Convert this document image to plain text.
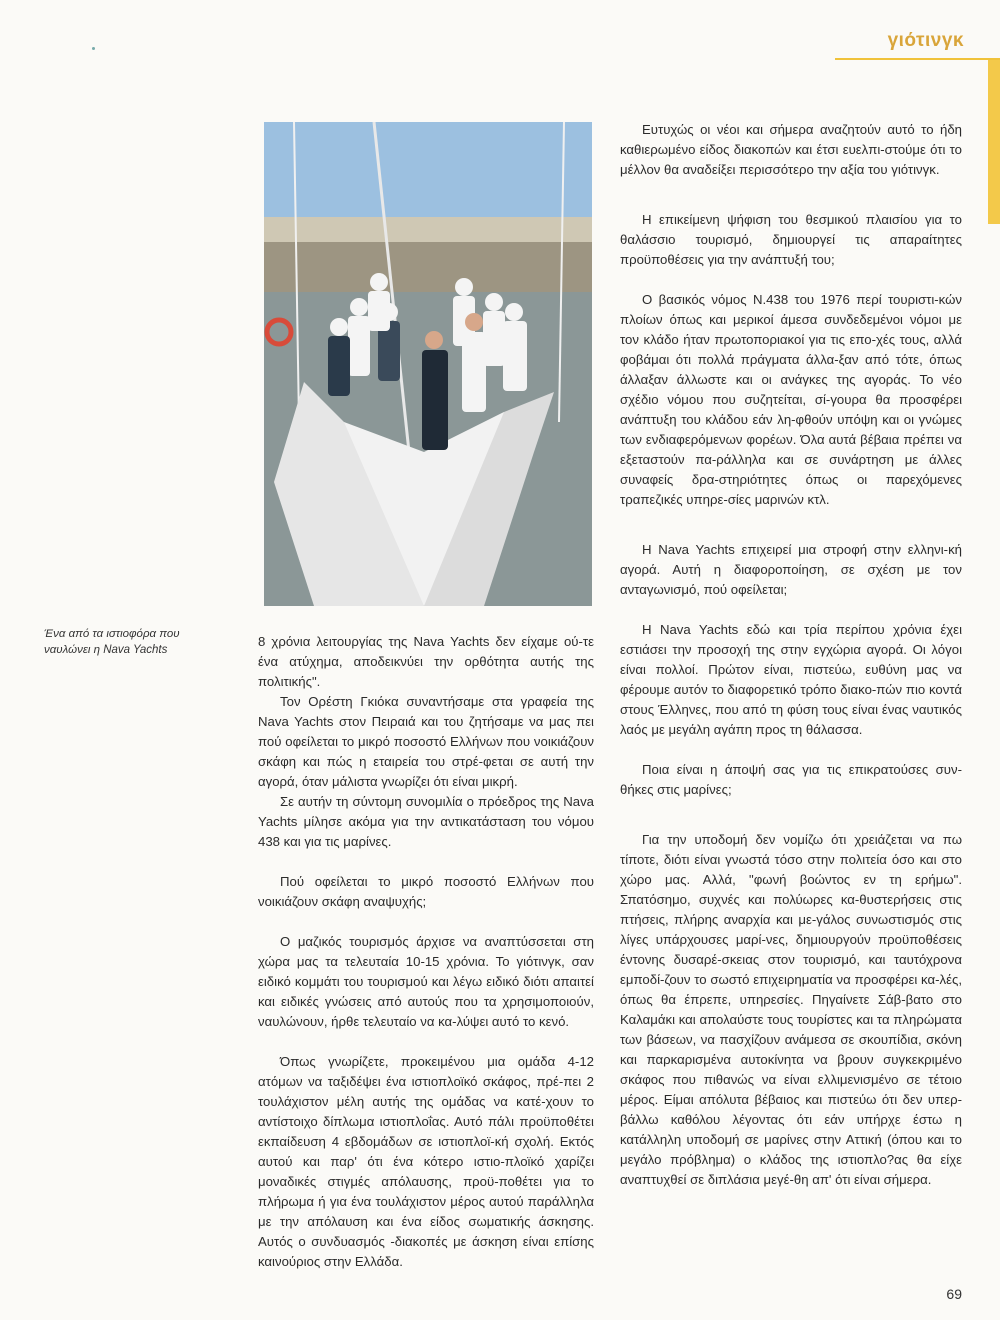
γιότινγκ
Ένα από τα ιστιοφόρα που ναυλώνει η Nava Yachts

8 χρόνια λειτουργίας της Nava Yachts δεν είχαμε ού-τε ένα ατύχημα, αποδεικνύει την ορθότητα αυτής της πολιτικής".

Τον Ορέστη Γκιόκα συναντήσαμε στα γραφεία της Nava Yachts στον Πειραιά και του ζητήσαμε να μας πει πού οφείλεται το μικρό ποσοστό Ελλήνων που νοικιάζουν σκάφη και πώς η εταιρεία του στρέ-φεται σε αυτή την αγορά, όταν μάλιστα γνωρίζει ότι είναι μικρή.

Σε αυτήν τη σύντομη συνομιλία ο πρόεδρος της Nava Yachts μίλησε ακόμα για την αντικατάσταση του νόμου 438 και για τις μαρίνες.

Πού οφείλεται το μικρό ποσοστό Ελλήνων που νοικιάζουν σκάφη αναψυχής;

Ο μαζικός τουρισμός άρχισε να αναπτύσσεται στη χώρα μας τα τελευταία 10-15 χρόνια. Το γιότινγκ, σαν ειδικό κομμάτι του τουρισμού και λέγω ειδικό διότι απαιτεί και ειδικές γνώσεις από αυτούς που τα χρησιμοποιούν, ναυλώνουν, ήρθε τελευταίο να κα-λύψει αυτό το κενό.

Όπως γνωρίζετε, προκειμένου μια ομάδα 4-12 ατόμων να ταξιδέψει ένα ιστιοπλοϊκό σκάφος, πρέ-πει 2 τουλάχιστον μέλη αυτής της ομάδας να κατέ-χουν το αντίστοιχο δίπλωμα ιστιοπλοΐας. Αυτό πάλι προϋποθέτει εκπαίδευση 4 εβδομάδων σε ιστιοπλοϊ-κή σχολή. Εκτός αυτού και παρ' ότι ένα κότερο ιστιο-πλοϊκό χαρίζει μοναδικές στιγμές απόλαυσης, προϋ-ποθέτει για το πλήρωμα ή για ένα τουλάχιστον μέρος αυτού παράλληλα με την απόλαυση και ένα είδος σωματικής άσκησης. Αυτός ο συνδυασμός -διακοπές με άσκηση είναι επίσης καινούριος στην Ελλάδα.

Ευτυχώς οι νέοι και σήμερα αναζητούν αυτό το ήδη καθιερωμένο είδος διακοπών και έτσι ευελπι-στούμε ότι το μέλλον θα αναδείξει περισσότερο την αξία του γιότινγκ.

Η επικείμενη ψήφιση του θεσμικού πλαισίου για το θαλάσσιο τουρισμό, δημιουργεί τις απαραίτητες προϋποθέσεις για την ανάπτυξή του;

Ο βασικός νόμος Ν.438 του 1976 περί τουριστι-κών πλοίων όπως και μερικοί άμεσα συνδεδεμένοι νόμοι με τον κλάδο ήταν πρωτοποριακοί για τις επο-χές τους, αλλά φοβάμαι ότι πολλά πράγματα άλλα-ξαν από τότε, όπως άλλαξαν άλλωστε και οι ανάγκες της αγοράς. Το νέο σχέδιο νόμου που συζητείται, σί-γουρα θα προσφέρει ανάπτυξη του κλάδου εάν λη-φθούν υπόψη και οι γνώμες των ενδιαφερόμενων φορέων. Όλα αυτά βέβαια πρέπει να εξεταστούν πα-ράλληλα και σε συνάρτηση με άλλες συναφείς δρα-στηριότητες όπως οι παρεχόμενες τραπεζικές υπηρε-σίες μαρινών κτλ.

Η Nava Yachts επιχειρεί μια στροφή στην ελληνι-κή αγορά. Αυτή η διαφοροποίηση, σε σχέση με τον ανταγωνισμό, πού οφείλεται;

Η Nava Yachts εδώ και τρία περίπου χρόνια έχει εστιάσει την προσοχή της στην εγχώρια αγορά. Οι λόγοι είναι πολλοί. Πρώτον είναι, πιστεύω, ευθύνη μας να φέρουμε αυτόν το διαφορετικό τρόπο διακο-πών πιο κοντά στους Έλληνες, που από τη φύση τους είναι ένας ναυτικός λαός με μεγάλη αγάπη προς τη θάλασσα.

Ποια είναι η άποψή σας για τις επικρατούσες συν-θήκες στις μαρίνες;

Για την υποδομή δεν νομίζω ότι χρειάζεται να πω τίποτε, διότι είναι γνωστά τόσο στην πολιτεία όσο και στο χώρο μας. Αλλά, "φωνή βοώντος εν τη ερήμω". Σπατόσημο, συχνές και πολύωρες κα-θυστερήσεις στις πτήσεις, πλήρης αναρχία και με-γάλος συνωστισμός στις λίγες υπάρχουσες μαρί-νες, δημιουργούν προϋποθέσεις έντονης δυσαρέ-σκειας στον τουρισμό, και ταυτόχρονα εμποδί-ζουν το σωστό επιχειρηματία να προσφέρει κα-λές, όπως θα έπρεπε, υπηρεσίες. Πηγαίνετε Σάβ-βατο στο Καλαμάκι και απολαύστε τους τουρίστες και τα πληρώματα των βάσεων, να πασχίζουν ανάμεσα σε σκουπίδια, σκόνη και παρκαρισμένα αυτοκίνητα να βρουν συγκεκριμένο σκάφος που πιθανώς να είναι ελλιμενισμένο σε τέτοιο μέρος. Είμαι απόλυτα βέβαιος και πιστεύω ότι δεν υπερ-βάλλω καθόλου λέγοντας ότι εάν υπήρχε έστω η κατάλληλη υποδομή σε μαρίνες στην Αττική (όπου και το μεγάλο πρόβλημα) ο κλάδος της ιστιοπλο?ας θα είχε αναπτυχθεί σε διπλάσια μεγέ-θη απ' ότι είναι σήμερα.

69
